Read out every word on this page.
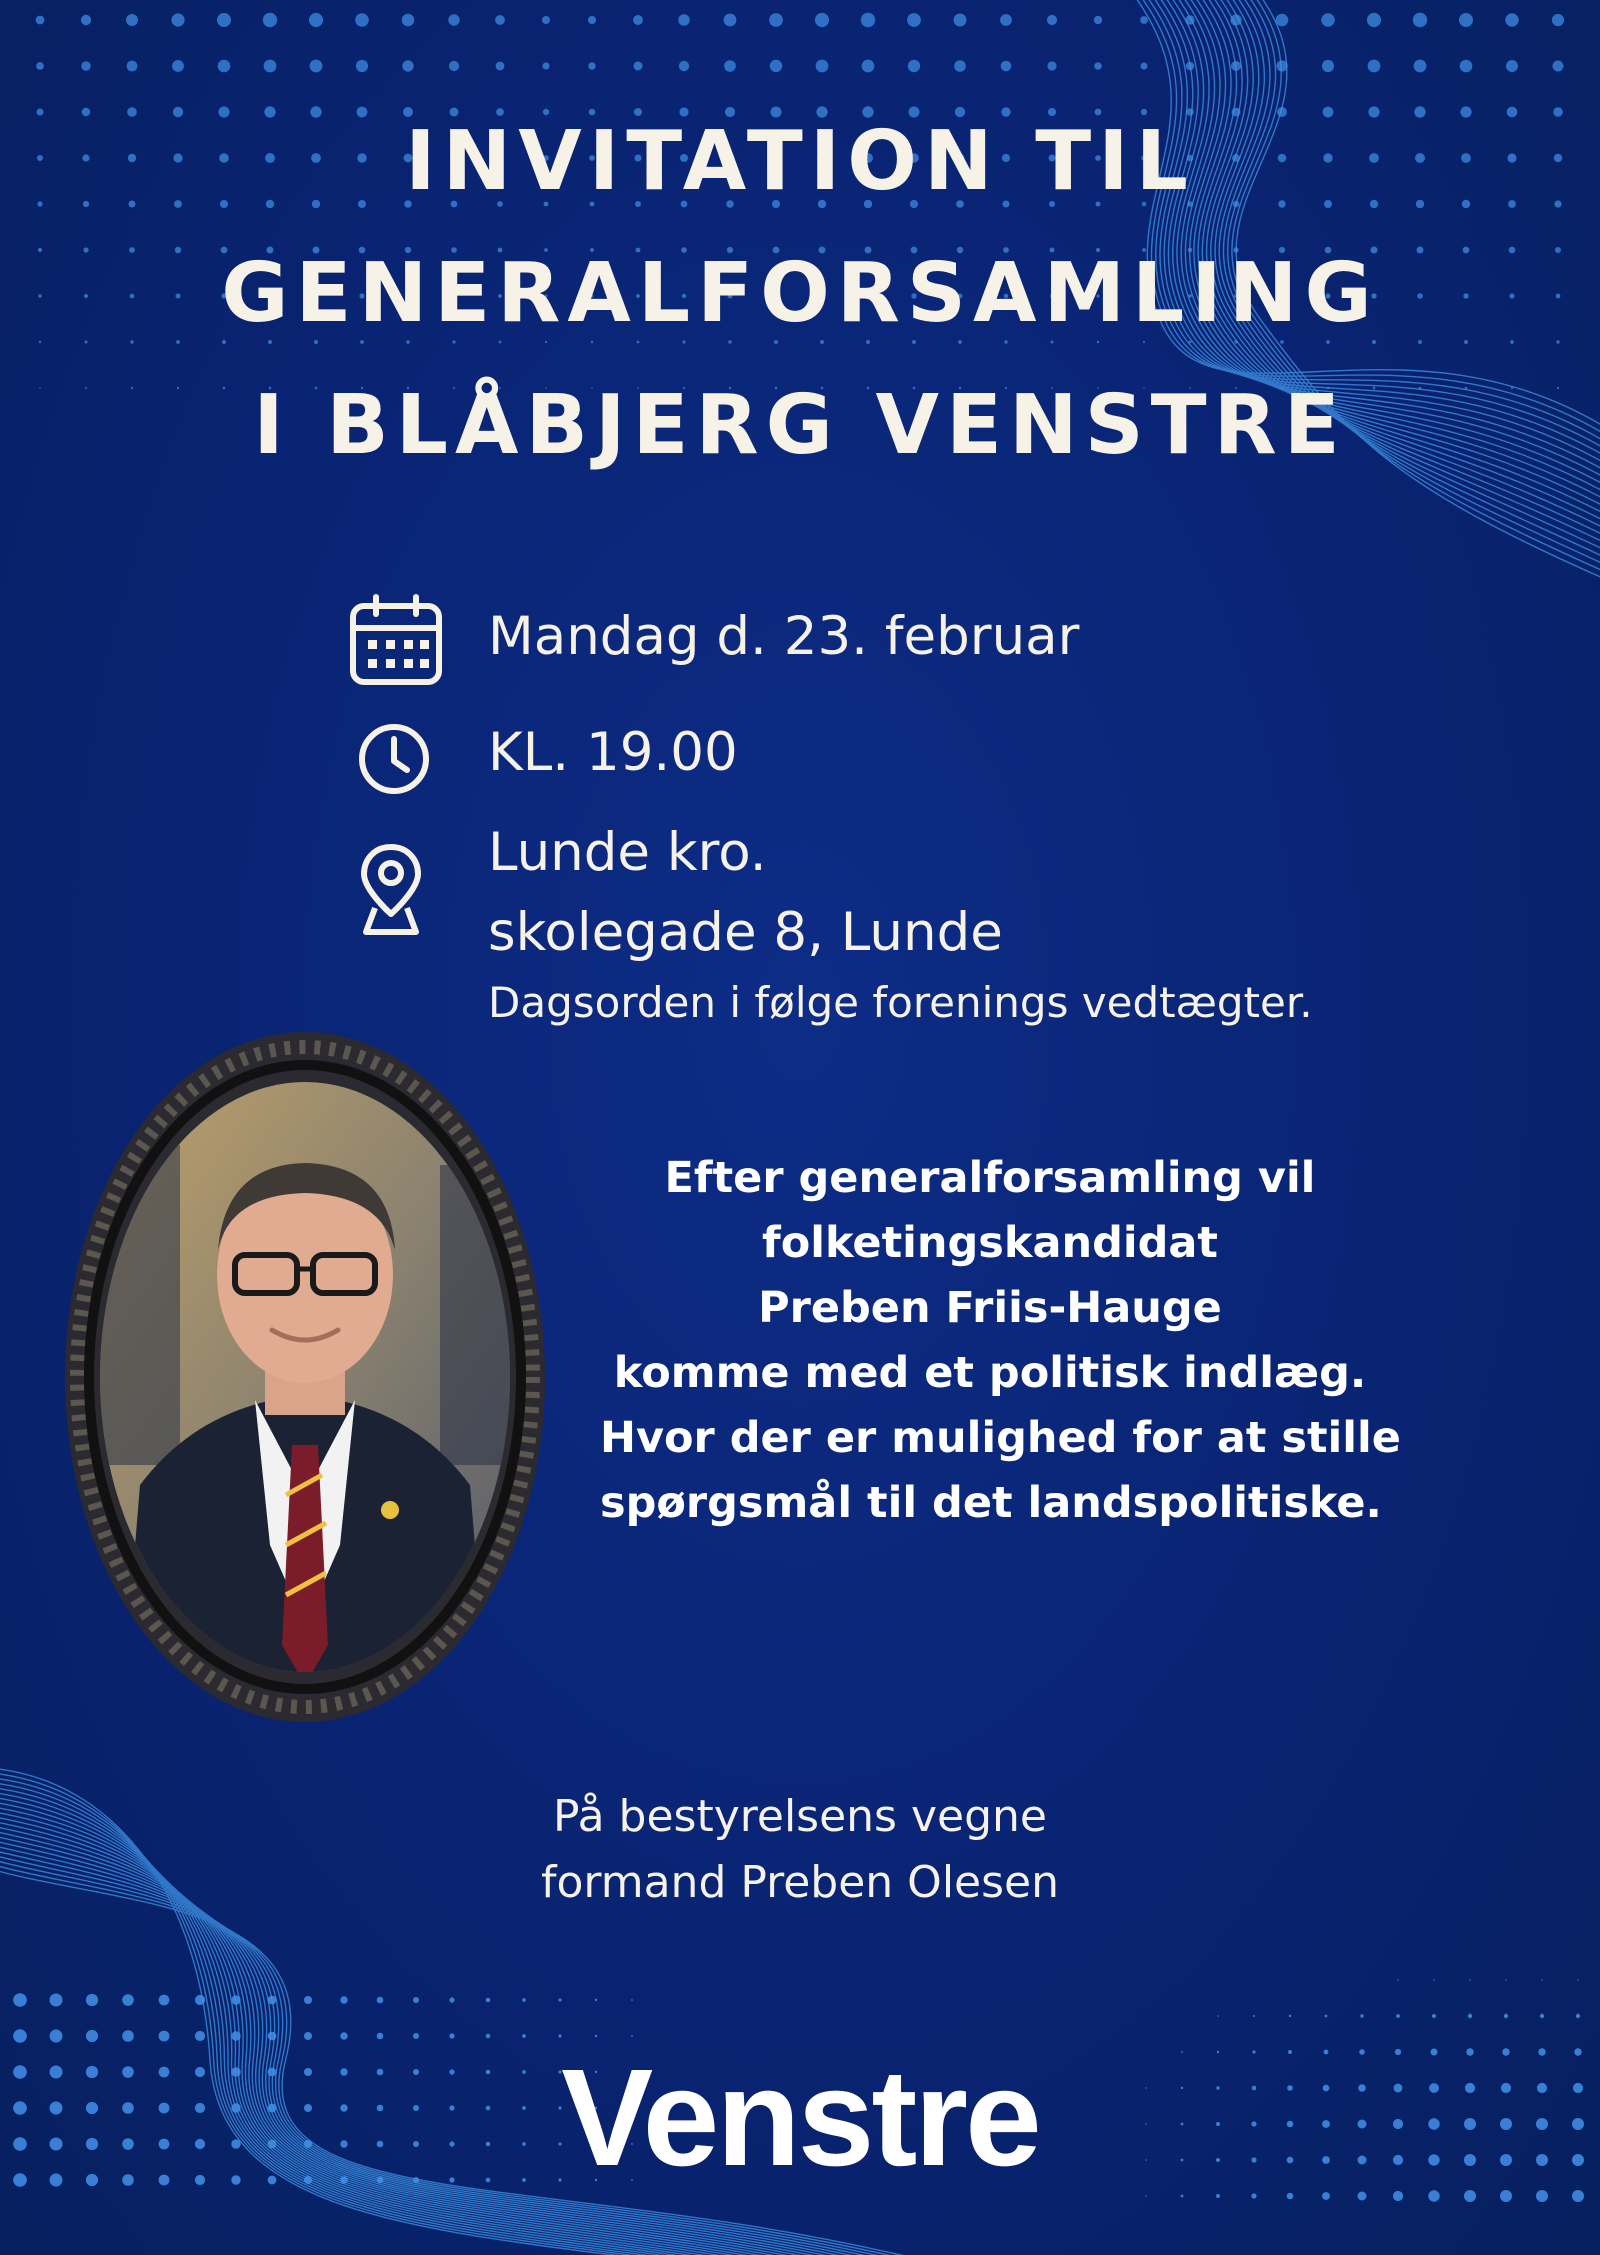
INVITATION TIL
GENERALFORSAMLING
I BLÅBJERG VENSTRE
Mandag d. 23. februar
KL. 19.00
Lunde kro.
skolegade 8, Lunde
Dagsorden i følge forenings vedtægter.
Efter generalforsamling vil
folketingskandidat
Preben Friis-Hauge
komme med et politisk indlæg.
Hvor der er mulighed for at stille
spørgsmål til det landspolitiske.
På bestyrelsens vegne
formand Preben Olesen
Venstre
